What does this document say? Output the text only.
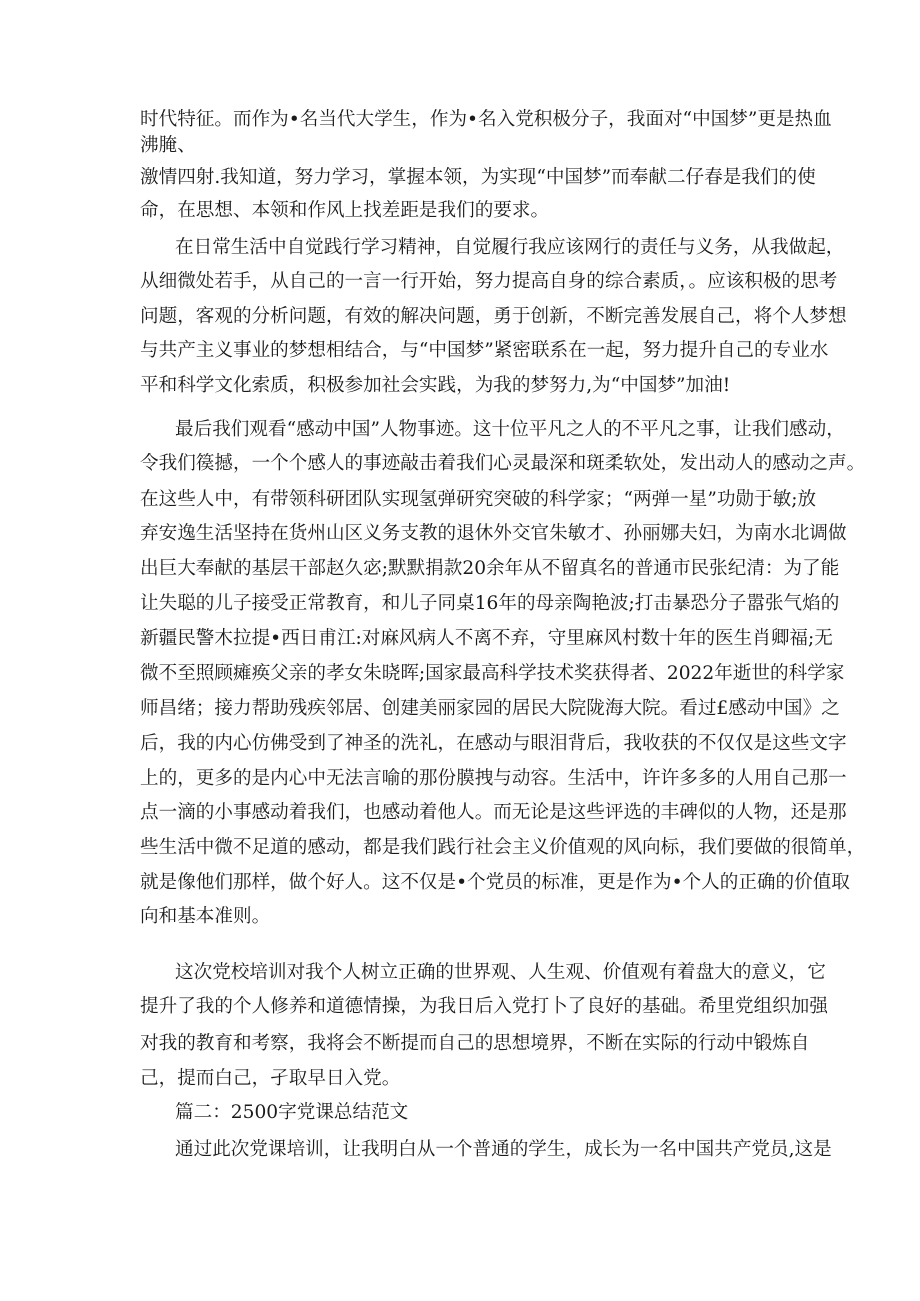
时代特征。而作为•名当代大学生，作为•名入党积极分子，我面对“中国梦”更是热血
沸腌、
激情四射.我知道，努力学习，掌握本领，为实现“中国梦”而奉献二仔春是我们的使
命，在思想、本领和作风上找差距是我们的要求。
在日常生活中自觉践行学习精神，自觉履行我应该网行的责任与义务，从我做起，
从细微处若手，从自己的一言一行开始，努力提高自身的综合素质，。应该积极的思考
问题，客观的分析问题，有效的解决问题，勇于创新，不断完善发展自己，将个人梦想
与共产主义事业的梦想相结合，与“中国梦”紧密联系在一起，努力提升自己的专业水
平和科学文化索质，积极参加社会实践，为我的梦努力,为“中国梦”加油!
最后我们观看“感动中国”人物事迹。这十位平凡之人的不平凡之事，让我们感动，
令我们篌撼，一个个感人的事迹敲击着我们心灵最深和斑柔软处，发出动人的感动之声。
在这些人中，有带领科研团队实现氢弹研究突破的科学家；“两弹一星”功勋于敏;放
弃安逸生活坚持在货州山区义务支教的退休外交官朱敏才、孙丽娜夫妇，为南水北调做
出巨大奉献的基层干部赵久宓;默默捐款20余年从不留真名的普通市民张纪清：为了能
让失聪的儿子接受正常教育，和儿子同桌16年的母亲陶艳波;打击暴恐分子嚣张气焰的
新疆民警木拉提•西日甫江:对麻风病人不离不弃，守里麻风村数十年的医生肖卿福;无
微不至照顾瘫痪父亲的孝女朱晓晖;国家最高科学技术奖获得者、2022年逝世的科学家
师昌绪；接力帮助残疾邻居、创建美丽家园的居民大院陇海大院。看过£感动中国》之
后，我的内心仿佛受到了神圣的洗礼，在感动与眼泪背后，我收获的不仅仅是这些文字
上的，更多的是内心中无法言喻的那份膜拽与动容。生活中，许许多多的人用自己那一
点一滴的小事感动着我们，也感动着他人。而无论是这些评选的丰碑似的人物，还是那
些生活中微不足道的感动，都是我们践行社会主义价值观的风向标，我们要做的很简单，
就是像他们那样，做个好人。这不仅是•个党员的标准，更是作为•个人的正确的价值取
向和基本准则。
这次党校培训对我个人树立正确的世界观、人生观、价值观有着盘大的意义，它
提升了我的个人修养和道德情操，为我日后入党打卜了良好的基础。希里党组织加强
对我的教育和考察，我将会不断提而自己的思想境界，不断在实际的行动中锻炼自
己，提而白己，孑取早日入党。
篇二：2500字党课总结范文
通过此次党课培训，让我明白从一个普通的学生，成长为一名中国共产党员,这是
